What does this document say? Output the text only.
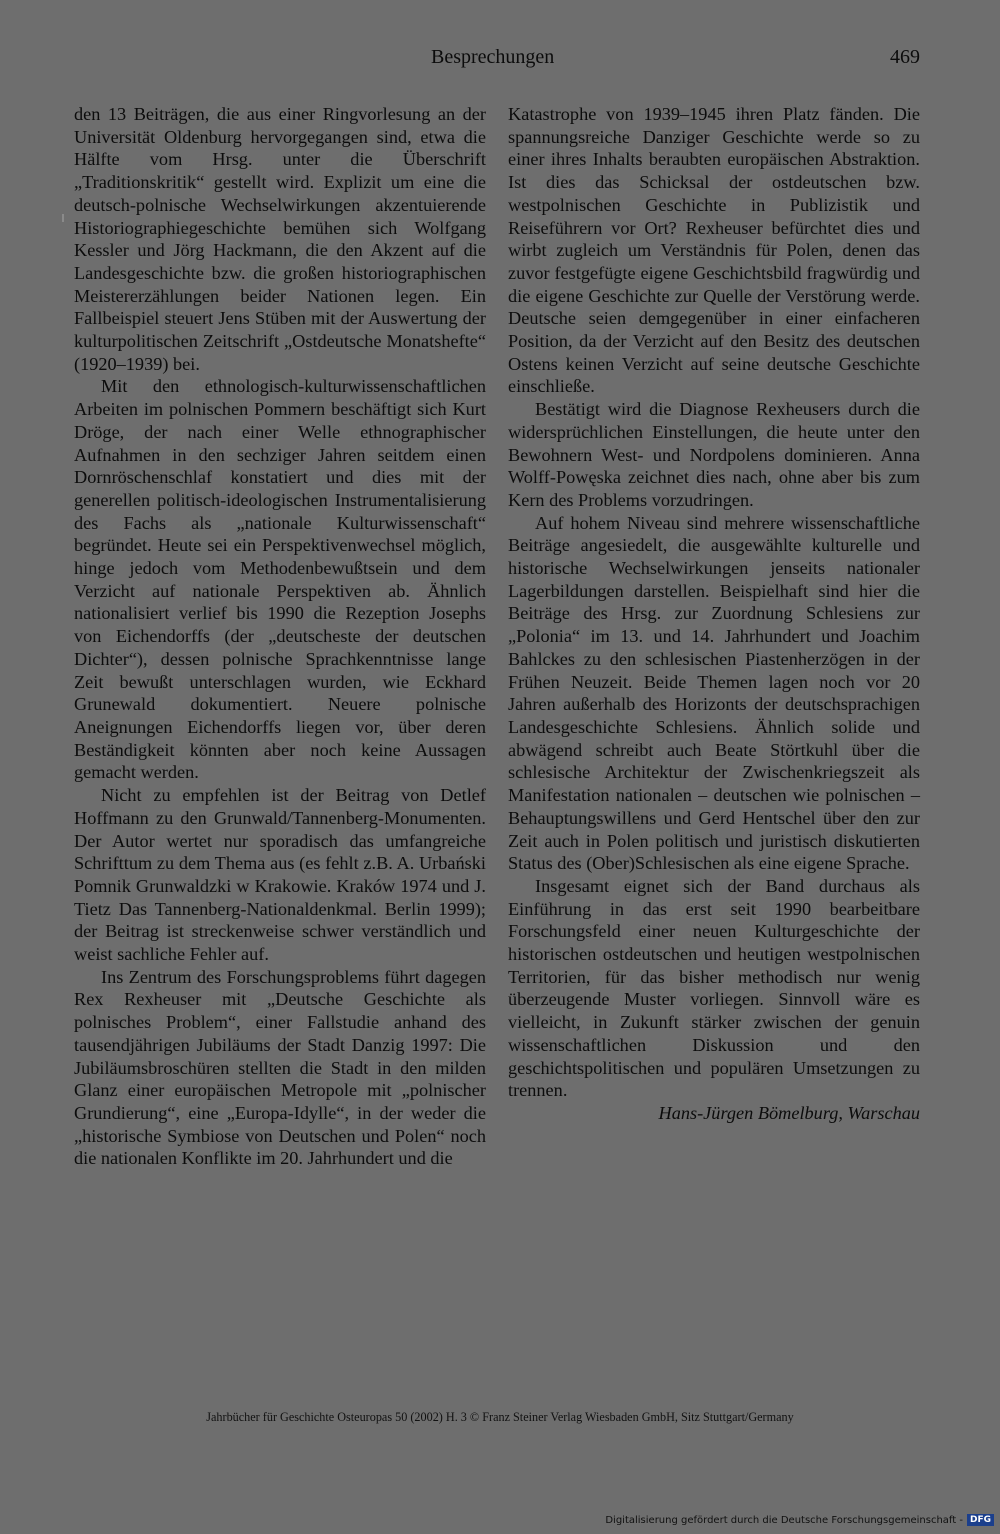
Besprechungen	469

den 13 Beiträgen, die aus einer Ringvorlesung an der Universität Oldenburg hervorgegangen sind, etwa die Hälfte vom Hrsg. unter die Überschrift „Traditionskritik“ gestellt wird. Explizit um eine die deutsch-polnische Wechselwirkungen akzentuierende Historiographiegeschichte bemühen sich Wolfgang Kessler und Jörg Hackmann, die den Akzent auf die Landesgeschichte bzw. die großen historiographischen Meistererzählungen beider Nationen legen. Ein Fallbeispiel steuert Jens Stüben mit der Auswertung der kulturpolitischen Zeitschrift „Ostdeutsche Monatshefte“ (1920–1939) bei.

Mit den ethnologisch-kulturwissenschaftlichen Arbeiten im polnischen Pommern beschäftigt sich Kurt Dröge, der nach einer Welle ethnographischer Aufnahmen in den sechziger Jahren seitdem einen Dornröschenschlaf konstatiert und dies mit der generellen politisch-ideologischen Instrumentalisierung des Fachs als „nationale Kulturwissenschaft“ begründet. Heute sei ein Perspektivenwechsel möglich, hinge jedoch vom Methodenbewußtsein und dem Verzicht auf nationale Perspektiven ab. Ähnlich nationalisiert verlief bis 1990 die Rezeption Josephs von Eichendorffs (der „deutscheste der deutschen Dichter“), dessen polnische Sprachkenntnisse lange Zeit bewußt unterschlagen wurden, wie Eckhard Grunewald dokumentiert. Neuere polnische Aneignungen Eichendorffs liegen vor, über deren Beständigkeit könnten aber noch keine Aussagen gemacht werden.

Nicht zu empfehlen ist der Beitrag von Detlef Hoffmann zu den Grunwald/Tannenberg-Monumenten. Der Autor wertet nur sporadisch das umfangreiche Schrifttum zu dem Thema aus (es fehlt z.B. A. Urbański Pomnik Grunwaldzki w Krakowie. Kraków 1974 und J. Tietz Das Tannenberg-Nationaldenkmal. Berlin 1999); der Beitrag ist streckenweise schwer verständlich und weist sachliche Fehler auf.

Ins Zentrum des Forschungsproblems führt dagegen Rex Rexheuser mit „Deutsche Geschichte als polnisches Problem“, einer Fallstudie anhand des tausendjährigen Jubiläums der Stadt Danzig 1997: Die Jubiläumsbroschüren stellten die Stadt in den milden Glanz einer europäischen Metropole mit „polnischer Grundierung“, eine „Europa-Idylle“, in der weder die „historische Symbiose von Deutschen und Polen“ noch die nationalen Konflikte im 20. Jahrhundert und die

Katastrophe von 1939–1945 ihren Platz fänden. Die spannungsreiche Danziger Geschichte werde so zu einer ihres Inhalts beraubten europäischen Abstraktion. Ist dies das Schicksal der ostdeutschen bzw. westpolnischen Geschichte in Publizistik und Reiseführern vor Ort? Rexheuser befürchtet dies und wirbt zugleich um Verständnis für Polen, denen das zuvor festgefügte eigene Geschichtsbild fragwürdig und die eigene Geschichte zur Quelle der Verstörung werde. Deutsche seien demgegenüber in einer einfacheren Position, da der Verzicht auf den Besitz des deutschen Ostens keinen Verzicht auf seine deutsche Geschichte einschließe.

Bestätigt wird die Diagnose Rexheusers durch die widersprüchlichen Einstellungen, die heute unter den Bewohnern West- und Nordpolens dominieren. Anna Wolff-Powęska zeichnet dies nach, ohne aber bis zum Kern des Problems vorzudringen.

Auf hohem Niveau sind mehrere wissenschaftliche Beiträge angesiedelt, die ausgewählte kulturelle und historische Wechselwirkungen jenseits nationaler Lagerbildungen darstellen. Beispielhaft sind hier die Beiträge des Hrsg. zur Zuordnung Schlesiens zur „Polonia“ im 13. und 14. Jahrhundert und Joachim Bahlckes zu den schlesischen Piastenherzögen in der Frühen Neuzeit. Beide Themen lagen noch vor 20 Jahren außerhalb des Horizonts der deutschsprachigen Landesgeschichte Schlesiens. Ähnlich solide und abwägend schreibt auch Beate Störtkuhl über die schlesische Architektur der Zwischenkriegszeit als Manifestation nationalen – deutschen wie polnischen – Behauptungswillens und Gerd Hentschel über den zur Zeit auch in Polen politisch und juristisch diskutierten Status des (Ober)Schlesischen als eine eigene Sprache.

Insgesamt eignet sich der Band durchaus als Einführung in das erst seit 1990 bearbeitbare Forschungsfeld einer neuen Kulturgeschichte der historischen ostdeutschen und heutigen westpolnischen Territorien, für das bisher methodisch nur wenig überzeugende Muster vorliegen. Sinnvoll wäre es vielleicht, in Zukunft stärker zwischen der genuin wissenschaftlichen Diskussion und den geschichtspolitischen und populären Umsetzungen zu trennen.

Hans-Jürgen Bömelburg, Warschau

Jahrbücher für Geschichte Osteuropas 50 (2002) H. 3 © Franz Steiner Verlag Wiesbaden GmbH, Sitz Stuttgart/Germany
Digitalisierung gefördert durch die Deutsche Forschungsgemeinschaft - DFG
